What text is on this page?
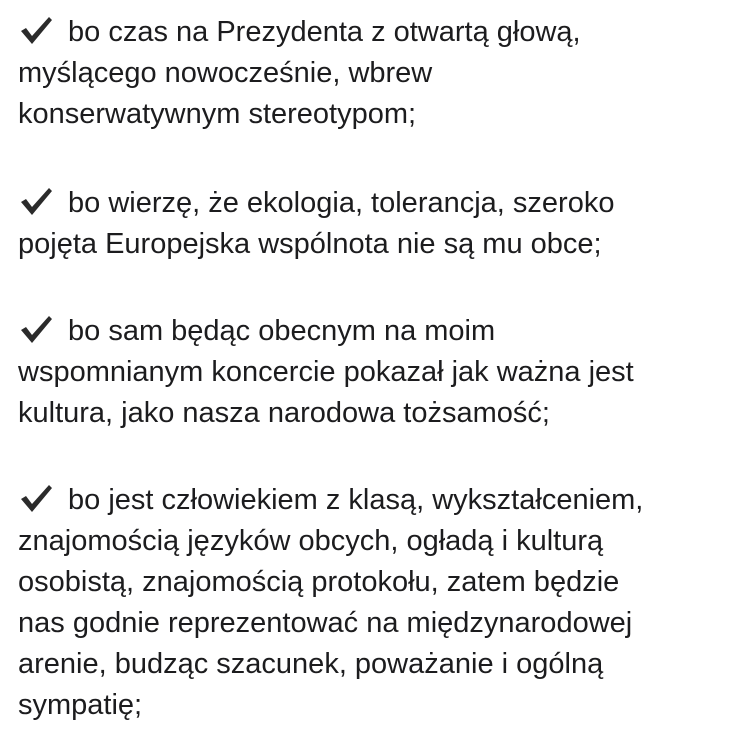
bo czas na Prezydenta z otwartą głową,
myślącego nowocześnie, wbrew
konserwatywnym stereotypom;
bo wierzę, że ekologia, tolerancja, szeroko
pojęta Europejska wspólnota nie są mu obce;
bo sam będąc obecnym na moim
wspomnianym koncercie pokazał jak ważna jest
kultura, jako nasza narodowa tożsamość;
bo jest człowiekiem z klasą, wykształceniem,
znajomością języków obcych, ogładą i kulturą
osobistą, znajomością protokołu, zatem będzie
nas godnie reprezentować na międzynarodowej
arenie, budząc szacunek, poważanie i ogólną
sympatię;
